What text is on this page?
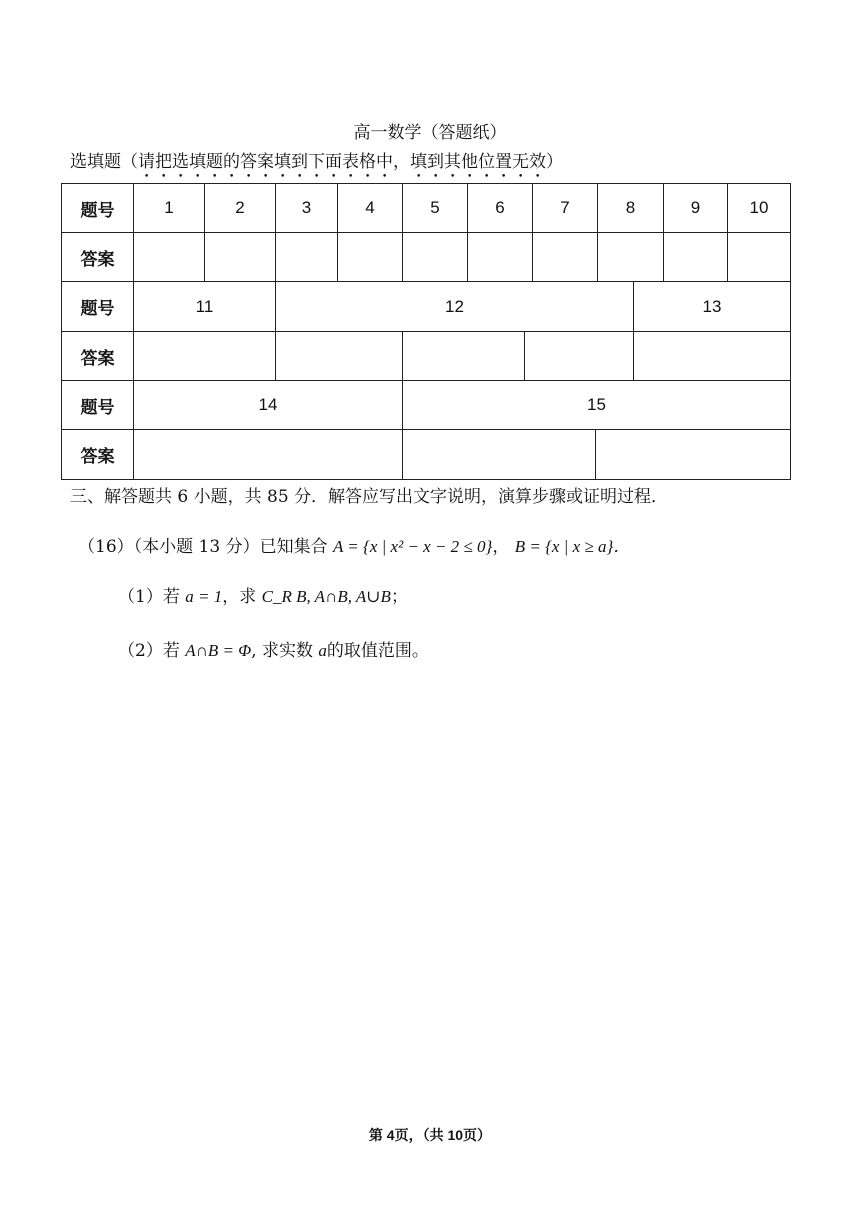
高一数学（答题纸）
选填题（请把选填题的答案填到下面表格中，填到其他位置无效）
题号	1	2	3	4	5	6	7	8	9	10
答案
题号	11	12	13
答案
题号	14	15
答案
三、解答题共 6 小题，共 85 分．解答应写出文字说明，演算步骤或证明过程．
（16）（本小题 13 分）已知集合 A = {x | x² − x − 2 ≤ 0}， B = {x | x ≥ a}．
（1）若 a = 1，求 C_R B, A∩B, A∪B；
（2）若 A∩B = Φ, 求实数 a的取值范围。
第 4页，（共 10页）
